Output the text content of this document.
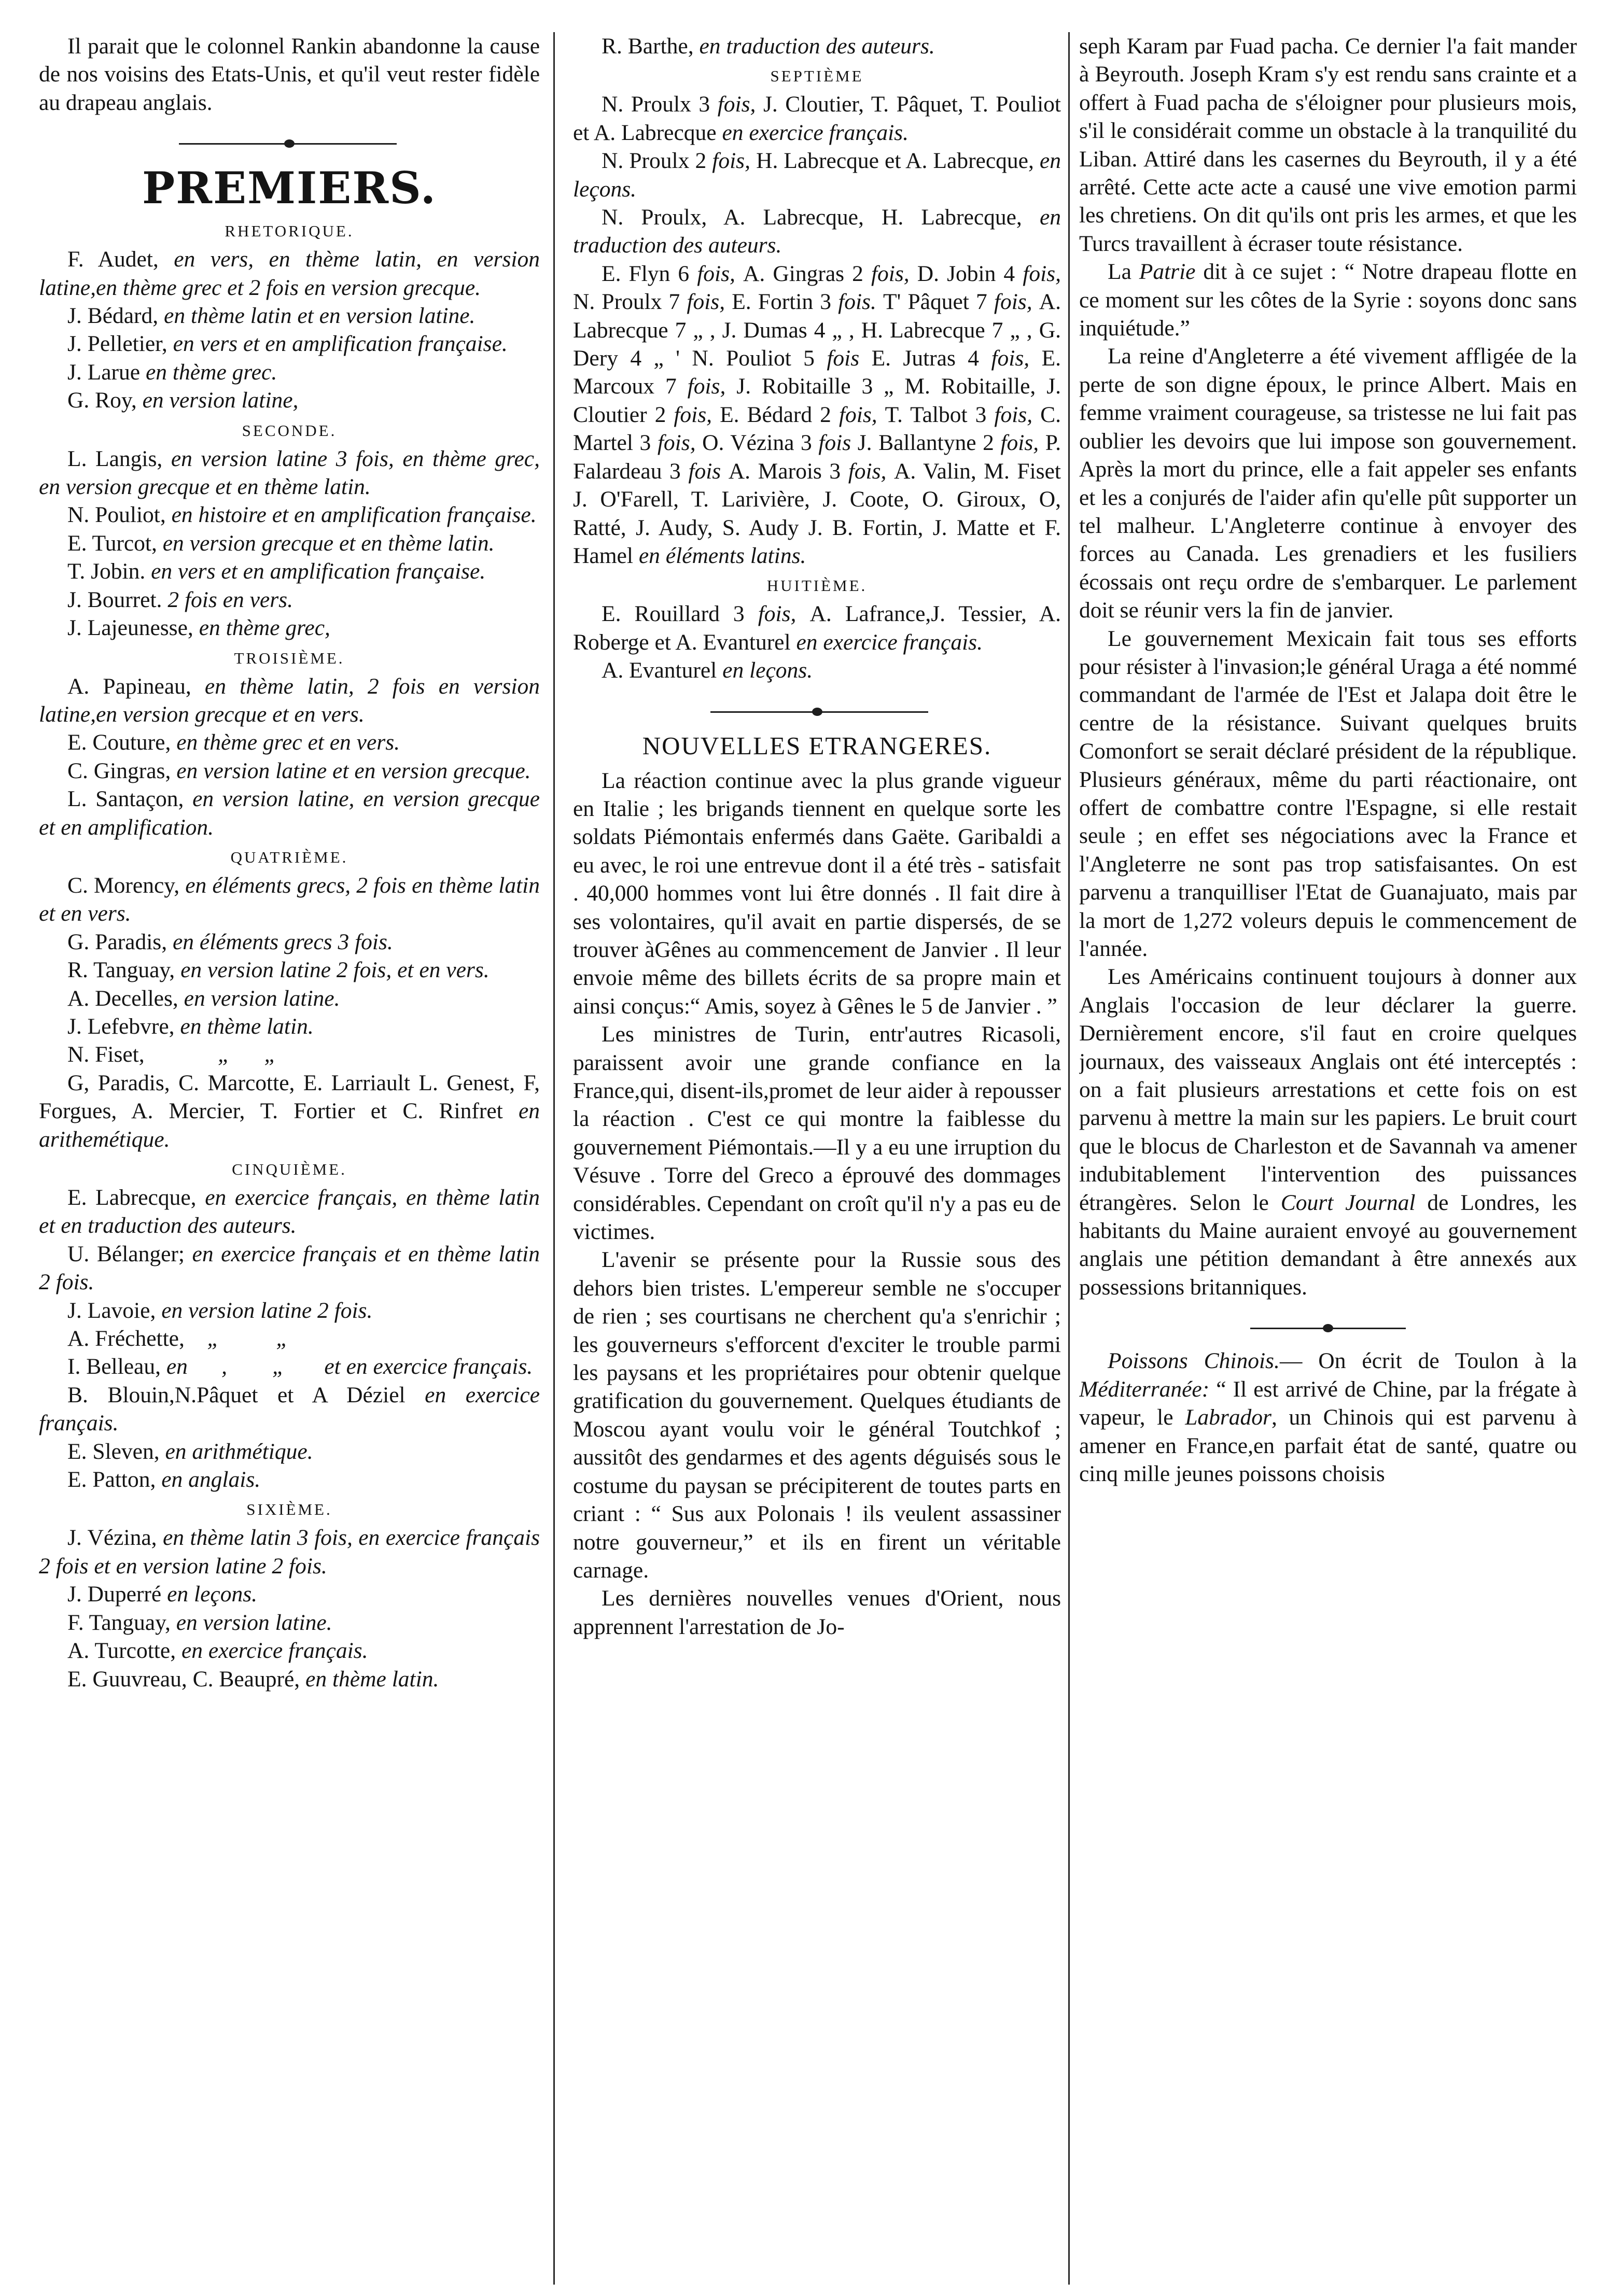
Il parait que le colonnel Rankin abandonne la cause de nos voisins des Etats-Unis, et qu'il veut rester fidèle au drapeau anglais.

PREMIERS.
RHETORIQUE.

F. Audet, en vers, en thème latin, en version latine,en thème grec et 2 fois en version grecque.

J. Bédard, en thème latin et en version latine.

J. Pelletier, en vers et en amplification française.

J. Larue en thème grec.

G. Roy, en version latine,

SECONDE.

L. Langis, en version latine 3 fois, en thème grec, en version grecque et en thème latin.

N. Pouliot, en histoire et en amplification française.

E. Turcot, en version grecque et en thème latin.

T. Jobin. en vers et en amplification française.

J. Bourret. 2 fois en vers.

J. Lajeunesse, en thème grec,

TROISIÈME.

A. Papineau, en thème latin, 2 fois en version latine,en version grecque et en vers.

E. Couture, en thème grec et en vers.

C. Gingras, en version latine et en version grecque.

L. Santaçon, en version latine, en version grecque et en amplification.

QUATRIÈME.

C. Morency, en éléments grecs, 2 fois en thème latin et en vers.

G. Paradis, en éléments grecs 3 fois.

R. Tanguay, en version latine 2 fois, et en vers.

A. Decelles, en version latine.

J. Lefebvre, en thème latin.

N. Fiset,             „      „

G, Paradis, C. Marcotte, E. Larriault L. Genest, F, Forgues, A. Mercier, T. Fortier et C. Rinfret en arithemétique.

CINQUIÈME.

E. Labrecque, en exercice français, en thème latin et en traduction des auteurs.

U. Bélanger; en exercice français et en thème latin 2 fois.

J. Lavoie, en version latine 2 fois.

A. Fréchette,    „          „

I. Belleau, en      ,        „       et en exercice français.

B. Blouin,N.Pâquet et A Déziel en exercice français.

E. Sleven, en arithmétique.

E. Patton, en anglais.

SIXIÈME.

J. Vézina, en thème latin 3 fois, en exercice français 2 fois et en version latine 2 fois.

J. Duperré en leçons.

F. Tanguay, en version latine.

A. Turcotte, en exercice français.

E. Guuvreau, C. Beaupré, en thème latin.

R. Barthe, en traduction des auteurs.

SEPTIÈME

N. Proulx 3 fois, J. Cloutier, T. Pâquet, T. Pouliot et A. Labrecque en exercice français.

N. Proulx 2 fois, H. Labrecque et A. Labrecque, en leçons.

N. Proulx, A. Labrecque, H. Labrecque, en traduction des auteurs.

E. Flyn 6 fois, A. Gingras 2 fois, D. Jobin 4 fois, N. Proulx 7 fois, E. Fortin 3 fois. T' Pâquet 7 fois, A. Labrecque 7 „ , J. Dumas 4 „ , H. Labrecque 7 „ , G. Dery 4 „ ' N. Pouliot 5 fois E. Jutras 4 fois, E. Marcoux 7 fois, J. Robitaille 3 „ M. Robitaille, J. Cloutier 2 fois, E. Bédard 2 fois, T. Talbot 3 fois, C. Martel 3 fois, O. Vézina 3 fois J. Ballantyne 2 fois, P. Falardeau 3 fois A. Marois 3 fois, A. Valin, M. Fiset J. O'Farell, T. Larivière, J. Coote, O. Giroux, O, Ratté, J. Audy, S. Audy J. B. Fortin, J. Matte et F. Hamel en éléments latins.

HUITIÈME.

E. Rouillard 3 fois, A. Lafrance,J. Tessier, A. Roberge et A. Evanturel en exercice français.

A. Evanturel en leçons.

NOUVELLES ETRANGERES.

La réaction continue avec la plus grande vigueur en Italie ; les brigands tiennent en quelque sorte les soldats Piémontais enfermés dans Gaëte. Garibaldi a eu avec, le roi une entrevue dont il a été très - satisfait . 40,000 hommes vont lui être donnés . Il fait dire à ses volontaires, qu'il avait en partie dispersés, de se trouver àGênes au commencement de Janvier . Il leur envoie même des billets écrits de sa propre main et ainsi conçus:“ Amis, soyez à Gênes le 5 de Janvier . ”

Les ministres de Turin, entr'autres Ricasoli, paraissent avoir une grande confiance en la France,qui, disent-ils,promet de leur aider à repousser la réaction . C'est ce qui montre la faiblesse du gouvernement Piémontais.—Il y a eu une irruption du Vésuve . Torre del Greco a éprouvé des dommages considérables. Cependant on croît qu'il n'y a pas eu de victimes.

L'avenir se présente pour la Russie sous des dehors bien tristes. L'empereur semble ne s'occuper de rien ; ses courtisans ne cherchent qu'a s'enrichir ; les gouverneurs s'efforcent d'exciter le trouble parmi les paysans et les propriétaires pour obtenir quelque gratification du gouvernement. Quelques étudiants de Moscou ayant voulu voir le général Toutchkof ; aussitôt des gendarmes et des agents déguisés sous le costume du paysan se précipiterent de toutes parts en criant : “ Sus aux Polonais ! ils veulent assassiner notre gouverneur,” et ils en firent un véritable carnage.

Les dernières nouvelles venues d'Orient, nous apprennent l'arrestation de Jo-

seph Karam par Fuad pacha. Ce dernier l'a fait mander à Beyrouth. Joseph Kram s'y est rendu sans crainte et a offert à Fuad pacha de s'éloigner pour plusieurs mois, s'il le considérait comme un obstacle à la tranquilité du Liban. Attiré dans les casernes du Beyrouth, il y a été arrêté. Cette acte acte a causé une vive emotion parmi les chretiens. On dit qu'ils ont pris les armes, et que les Turcs travaillent à écraser toute résistance.

La Patrie dit à ce sujet : “ Notre drapeau flotte en ce moment sur les côtes de la Syrie : soyons donc sans inquiétude.”

La reine d'Angleterre a été vivement affligée de la perte de son digne époux, le prince Albert. Mais en femme vraiment courageuse, sa tristesse ne lui fait pas oublier les devoirs que lui impose son gouvernement. Après la mort du prince, elle a fait appeler ses enfants et les a conjurés de l'aider afin qu'elle pût supporter un tel malheur. L'Angleterre continue à envoyer des forces au Canada. Les grenadiers et les fusiliers écossais ont reçu ordre de s'embarquer. Le parlement doit se réunir vers la fin de janvier.

Le gouvernement Mexicain fait tous ses efforts pour résister à l'invasion;le général Uraga a été nommé commandant de l'armée de l'Est et Jalapa doit être le centre de la résistance. Suivant quelques bruits Comonfort se serait déclaré président de la république. Plusieurs généraux, même du parti réactionaire, ont offert de combattre contre l'Espagne, si elle restait seule ; en effet ses négociations avec la France et l'Angleterre ne sont pas trop satisfaisantes. On est parvenu a tranquilliser l'Etat de Guanajuato, mais par la mort de 1,272 voleurs depuis le commencement de l'année.

Les Américains continuent toujours à donner aux Anglais l'occasion de leur déclarer la guerre. Dernièrement encore, s'il faut en croire quelques journaux, des vaisseaux Anglais ont été interceptés : on a fait plusieurs arrestations et cette fois on est parvenu à mettre la main sur les papiers. Le bruit court que le blocus de Charleston et de Savannah va amener indubitablement l'intervention des puissances étrangères. Selon le Court Journal de Londres, les habitants du Maine auraient envoyé au gouvernement anglais une pétition demandant à être annexés aux possessions britanniques.

Poissons Chinois.— On écrit de Toulon à la Méditerranée: “ Il est arrivé de Chine, par la frégate à vapeur, le Labrador, un Chinois qui est parvenu à amener en France,en parfait état de santé, quatre ou cinq mille jeunes poissons choisis
